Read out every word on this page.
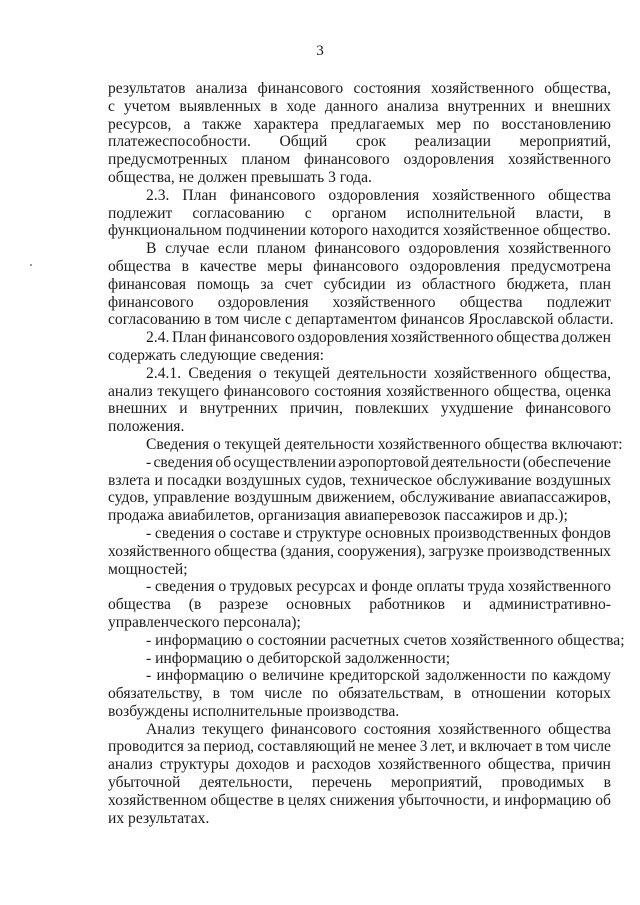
3
результатов анализа финансового состояния хозяйственного общества,
с учетом выявленных в ходе данного анализа внутренних и внешних
ресурсов, а также характера предлагаемых мер по восстановлению
платежеспособности. Общий срок реализации мероприятий,
предусмотренных планом финансового оздоровления хозяйственного
общества, не должен превышать 3 года.
2.3. План финансового оздоровления хозяйственного общества
подлежит согласованию с органом исполнительной власти, в
функциональном подчинении которого находится хозяйственное общество.
В случае если планом финансового оздоровления хозяйственного
общества в качестве меры финансового оздоровления предусмотрена
финансовая помощь за счет субсидии из областного бюджета, план
финансового оздоровления хозяйственного общества подлежит
согласованию в том числе с департаментом финансов Ярославской области.
2.4. План финансового оздоровления хозяйственного общества должен
содержать следующие сведения:
2.4.1. Сведения о текущей деятельности хозяйственного общества,
анализ текущего финансового состояния хозяйственного общества, оценка
внешних и внутренних причин, повлекших ухудшение финансового
положения.
Сведения о текущей деятельности хозяйственного общества включают:
- сведения об осуществлении аэропортовой деятельности (обеспечение
взлета и посадки воздушных судов, техническое обслуживание воздушных
судов, управление воздушным движением, обслуживание авиапассажиров,
продажа авиабилетов, организация авиаперевозок пассажиров и др.);
- сведения о составе и структуре основных производственных фондов
хозяйственного общества (здания, сооружения), загрузке производственных
мощностей;
- сведения о трудовых ресурсах и фонде оплаты труда хозяйственного
общества (в разрезе основных работников и административно-
управленческого персонала);
- информацию о состоянии расчетных счетов хозяйственного общества;
- информацию о дебиторской задолженности;
- информацию о величине кредиторской задолженности по каждому
обязательству, в том числе по обязательствам, в отношении которых
возбуждены исполнительные производства.
Анализ текущего финансового состояния хозяйственного общества
проводится за период, составляющий не менее 3 лет, и включает в том числе
анализ структуры доходов и расходов хозяйственного общества, причин
убыточной деятельности, перечень мероприятий, проводимых в
хозяйственном обществе в целях снижения убыточности, и информацию об
их результатах.
